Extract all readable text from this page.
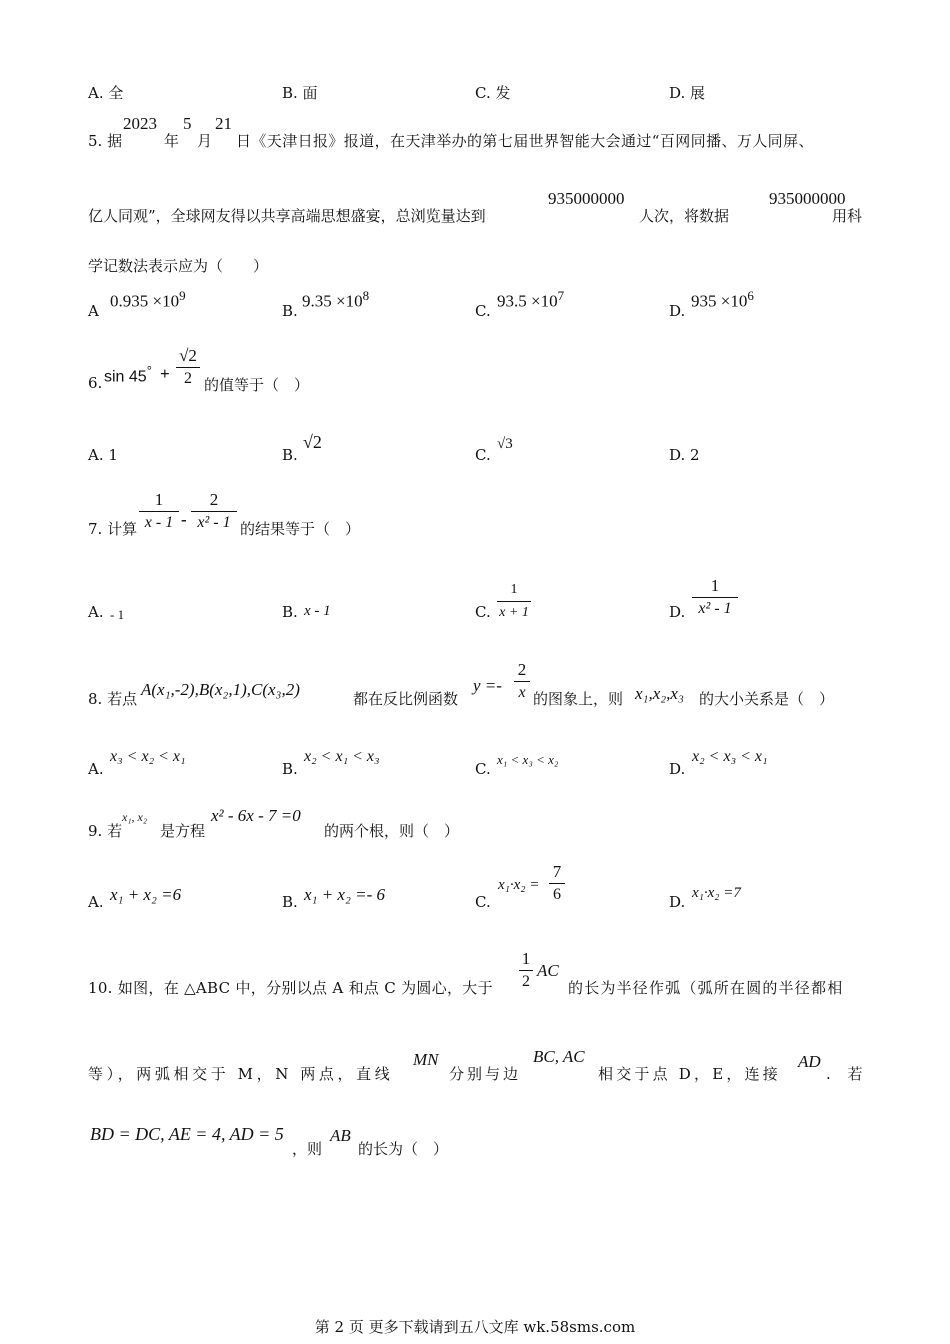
A. 全	B. 面	C. 发	D. 展
5. 据
2023
年
5
月
21
日《天津日报》报道，在天津举办的第七届世界智能大会通过“百网同播、万人同屏、
亿人同观”，全球网友得以共享高端思想盛宴，总浏览量达到
935000000
人次，将数据
935000000
用科
学记数法表示应为（　　）
A
$0.935 \times 10^9$
B.
$9.35 \times 10^8$
C.
$93.5 \times 10^7$
D.
$935 \times 10^6$
6. sin 45° +
√2
2 的值等于（　）
A. 1	B.
√2
C.
√3
D. 2
7. 计算
1
x - 1 -
2
x² - 1 的结果等于（　）
A. - 1	B. x - 1	C.
1
x + 1	D.
1
x² - 1
8. 若点 A(x₁,-2),B(x₂,1),C(x₃,2)	都在反比例函数
y =-
2
x 的图象上，则 x₁,x₂,x₃ 的大小关系是（　）
A.
x₃ < x₂ < x₁
B.
x₂ < x₁ < x₃
C.
x₁ < x₃ < x₂
D.
x₂ < x₃ < x₁
9. 若
x₁, x₂
是方程
x² - 6x - 7 =0
的两个根，则（　）
A. x₁ + x₂ =6	B. x₁ + x₂ =- 6	C.
x₁·x₂ =
7
6	D. x₁·x₂ =7
10. 如图，在 △ABC 中，分别以点 A 和点 C 为圆心，大于
1
2
AC
的长为半径作弧（弧所在圆的半径都相
等），两弧相交于 M，N 两点，直线
MN
分别与边
BC, AC
相交于点 D，E，连接
AD
. 若
BD = DC, AE = 4, AD = 5
，则
AB
的长为（　）
第 2 页 更多下载请到五八文库 wk.58sms.com
